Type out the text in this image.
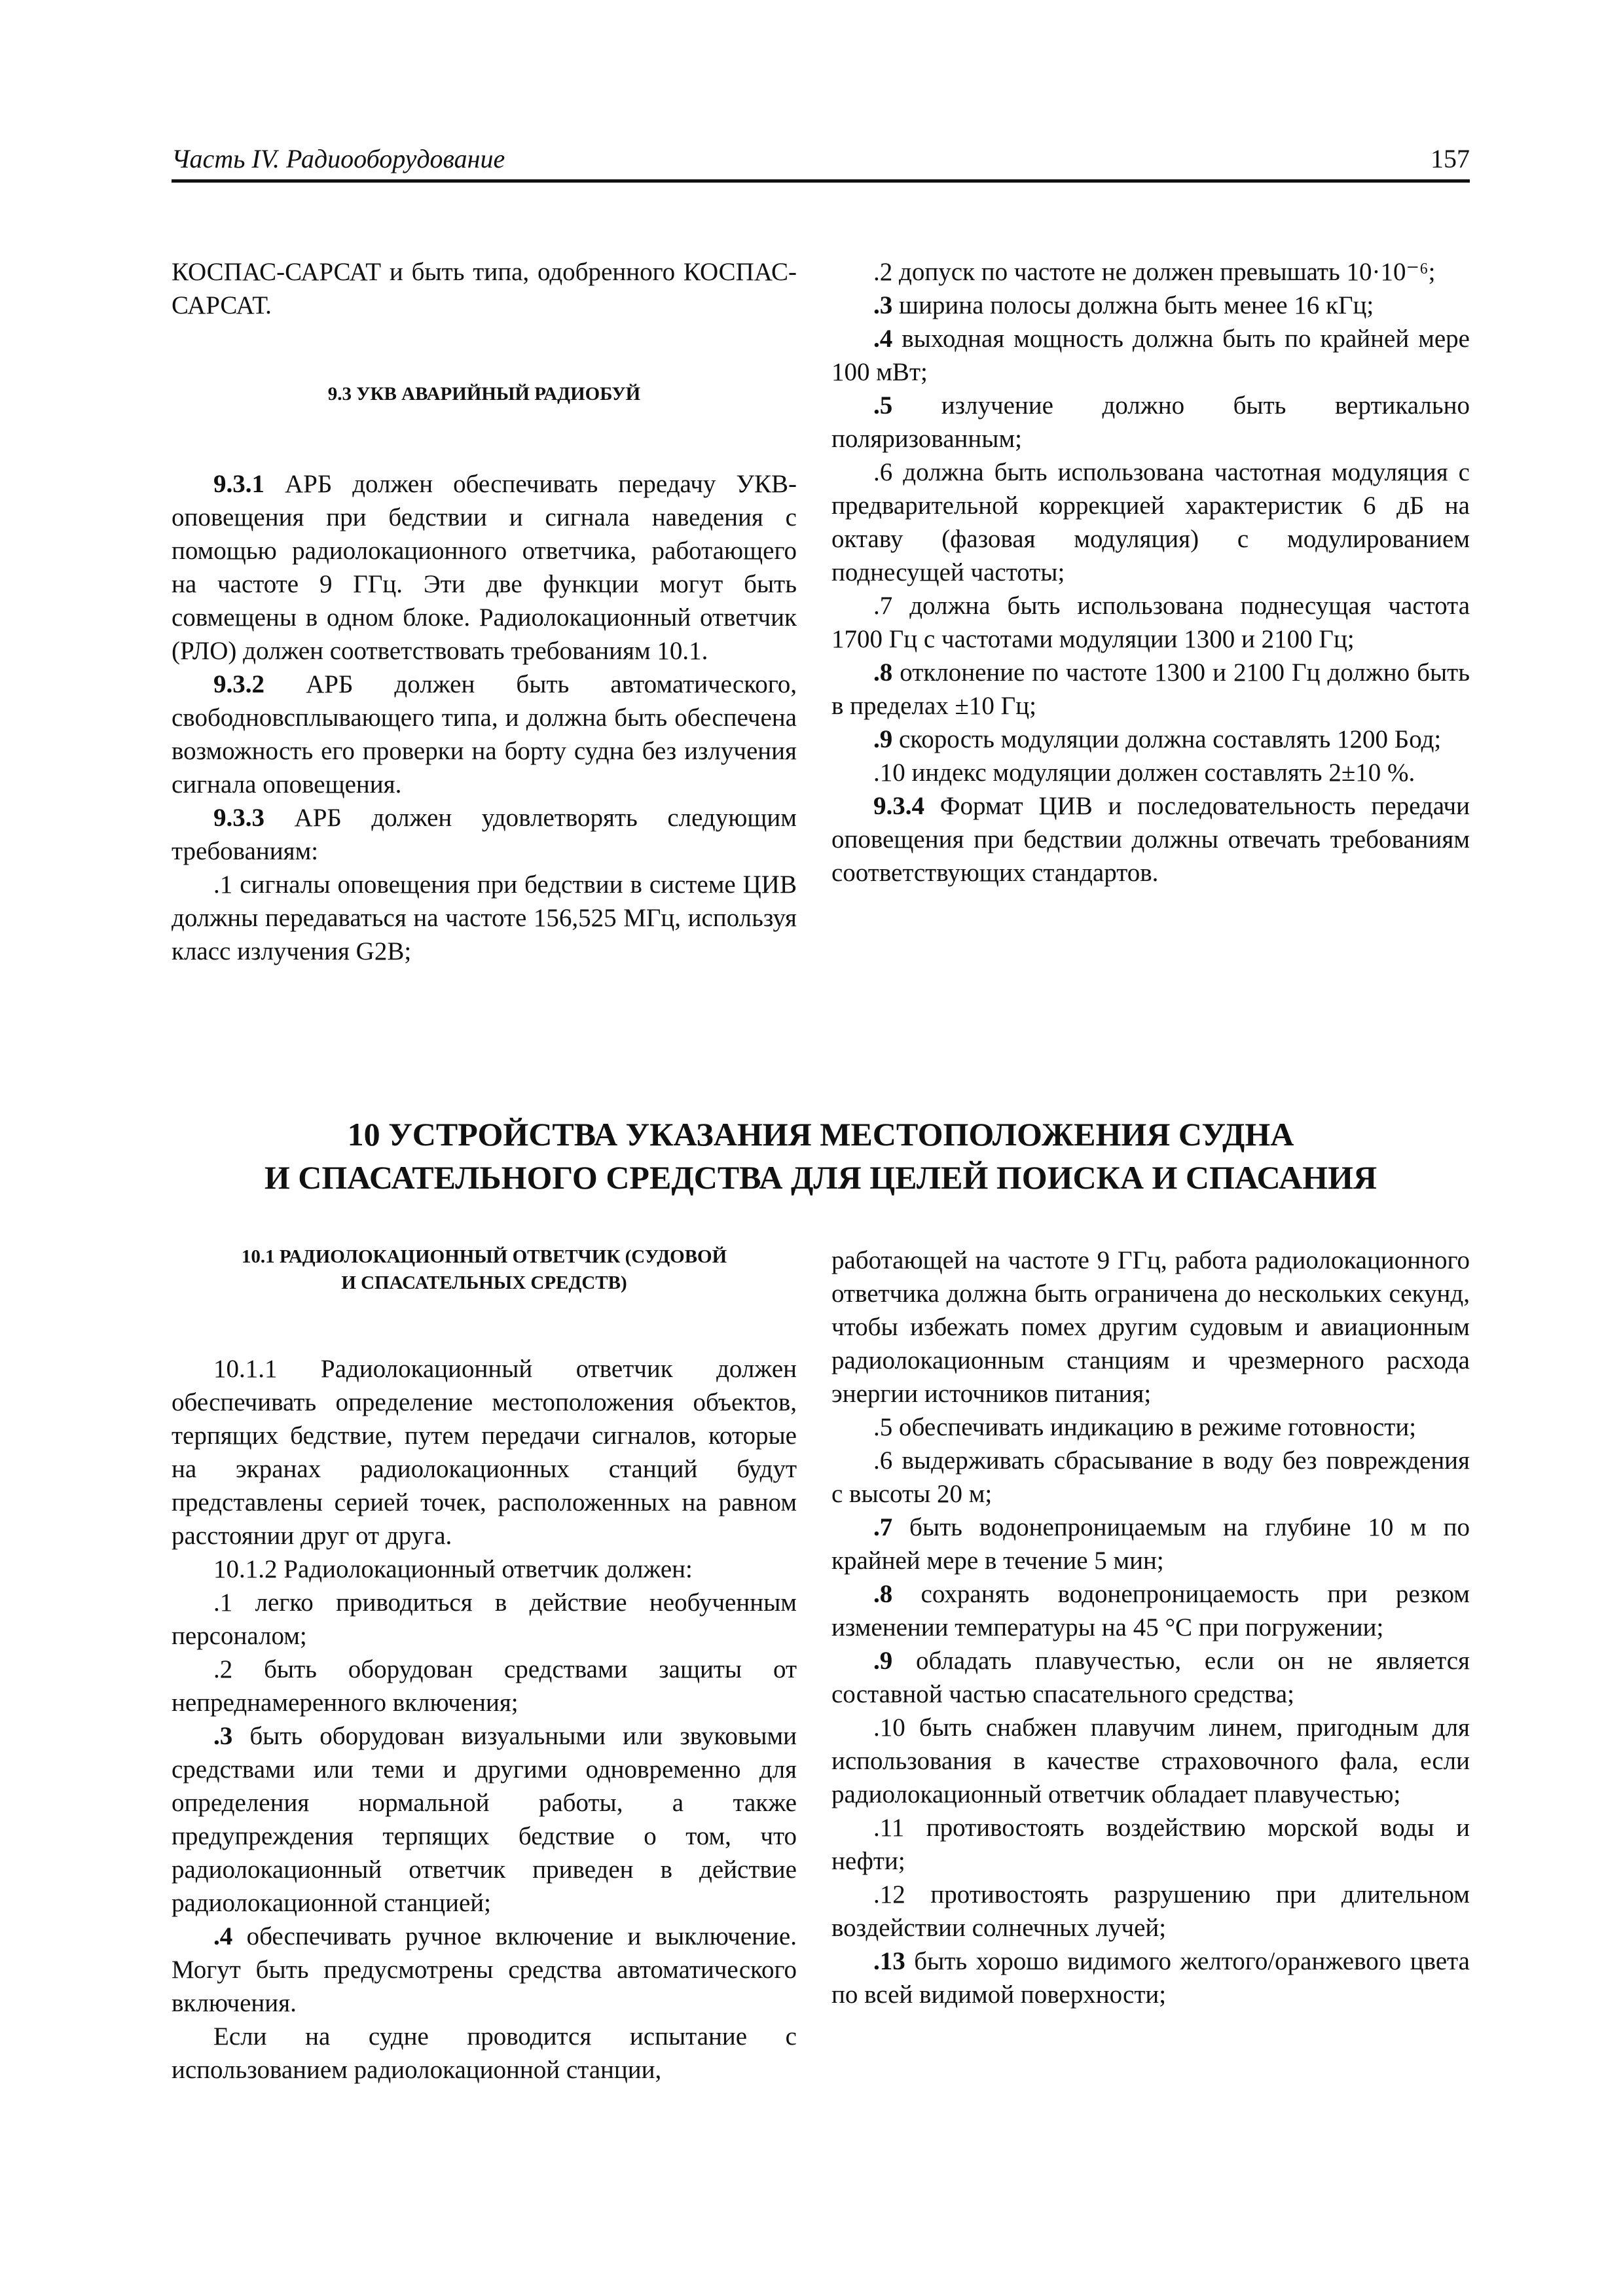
Часть IV. Радиооборудование	157

КОСПАС-САРСАТ и быть типа, одобренного КОСПАС-САРСАТ.

9.3 УКВ АВАРИЙНЫЙ РАДИОБУЙ

9.3.1 АРБ должен обеспечивать передачу УКВ-оповещения при бедствии и сигнала наведения с помощью радиолокационного ответчика, работающего на частоте 9 ГГц. Эти две функции могут быть совмещены в одном блоке. Радиолокационный ответчик (РЛО) должен соответствовать требованиям 10.1.

9.3.2 АРБ должен быть автоматического, свободновсплывающего типа, и должна быть обеспечена возможность его проверки на борту судна без излучения сигнала оповещения.

9.3.3 АРБ должен удовлетворять следующим требованиям:

.1 сигналы оповещения при бедствии в системе ЦИВ должны передаваться на частоте 156,525 МГц, используя класс излучения G2B;

.2 допуск по частоте не должен превышать 10·10⁻⁶;

.3 ширина полосы должна быть менее 16 кГц;

.4 выходная мощность должна быть по крайней мере 100 мВт;

.5 излучение должно быть вертикально поляризованным;

.6 должна быть использована частотная модуляция с предварительной коррекцией характеристик 6 дБ на октаву (фазовая модуляция) с модулированием поднесущей частоты;

.7 должна быть использована поднесущая частота 1700 Гц с частотами модуляции 1300 и 2100 Гц;

.8 отклонение по частоте 1300 и 2100 Гц должно быть в пределах ±10 Гц;

.9 скорость модуляции должна составлять 1200 Бод;

.10 индекс модуляции должен составлять 2±10 %.

9.3.4 Формат ЦИВ и последовательность передачи оповещения при бедствии должны отвечать требованиям соответствующих стандартов.

10 УСТРОЙСТВА УКАЗАНИЯ МЕСТОПОЛОЖЕНИЯ СУДНА
И СПАСАТЕЛЬНОГО СРЕДСТВА ДЛЯ ЦЕЛЕЙ ПОИСКА И СПАСАНИЯ
10.1 РАДИОЛОКАЦИОННЫЙ ОТВЕТЧИК (СУДОВОЙ
И СПАСАТЕЛЬНЫХ СРЕДСТВ)

10.1.1 Радиолокационный ответчик должен обеспечивать определение местоположения объектов, терпящих бедствие, путем передачи сигналов, которые на экранах радиолокационных станций будут представлены серией точек, расположенных на равном расстоянии друг от друга.

10.1.2 Радиолокационный ответчик должен:

.1 легко приводиться в действие необученным персоналом;

.2 быть оборудован средствами защиты от непреднамеренного включения;

.3 быть оборудован визуальными или звуковыми средствами или теми и другими одновременно для определения нормальной работы, а также предупреждения терпящих бедствие о том, что радиолокационный ответчик приведен в действие радиолокационной станцией;

.4 обеспечивать ручное включение и выключение. Могут быть предусмотрены средства автоматического включения.

Если на судне проводится испытание с использованием радиолокационной станции,

работающей на частоте 9 ГГц, работа радиолокационного ответчика должна быть ограничена до нескольких секунд, чтобы избежать помех другим судовым и авиационным радиолокационным станциям и чрезмерного расхода энергии источников питания;

.5 обеспечивать индикацию в режиме готовности;

.6 выдерживать сбрасывание в воду без повреждения с высоты 20 м;

.7 быть водонепроницаемым на глубине 10 м по крайней мере в течение 5 мин;

.8 сохранять водонепроницаемость при резком изменении температуры на 45 °С при погружении;

.9 обладать плавучестью, если он не является составной частью спасательного средства;

.10 быть снабжен плавучим линем, пригодным для использования в качестве страховочного фала, если радиолокационный ответчик обладает плавучестью;

.11 противостоять воздействию морской воды и нефти;

.12 противостоять разрушению при длительном воздействии солнечных лучей;

.13 быть хорошо видимого желтого/оранжевого цвета по всей видимой поверхности;
